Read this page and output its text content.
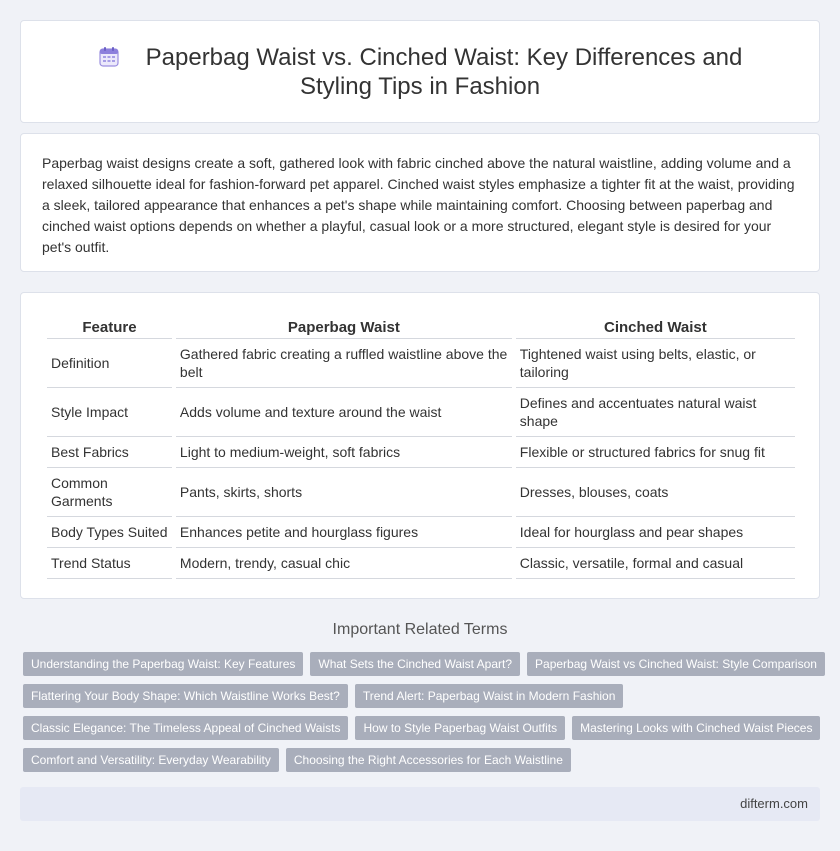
Paperbag Waist vs. Cinched Waist: Key Differences and Styling Tips in Fashion

Paperbag waist designs create a soft, gathered look with fabric cinched above the natural waistline, adding volume and a relaxed silhouette ideal for fashion-forward pet apparel. Cinched waist styles emphasize a tighter fit at the waist, providing a sleek, tailored appearance that enhances a pet's shape while maintaining comfort. Choosing between paperbag and cinched waist options depends on whether a playful, casual look or a more structured, elegant style is desired for your pet's outfit.

Feature	Paperbag Waist	Cinched Waist
Definition	Gathered fabric creating a ruffled waistline above the belt	Tightened waist using belts, elastic, or tailoring
Style Impact	Adds volume and texture around the waist	Defines and accentuates natural waist shape
Best Fabrics	Light to medium-weight, soft fabrics	Flexible or structured fabrics for snug fit
Common Garments	Pants, skirts, shorts	Dresses, blouses, coats
Body Types Suited	Enhances petite and hourglass figures	Ideal for hourglass and pear shapes
Trend Status	Modern, trendy, casual chic	Classic, versatile, formal and casual
Important Related Terms
Understanding the Paperbag Waist: Key Features	What Sets the Cinched Waist Apart?	Paperbag Waist vs Cinched Waist: Style Comparison
Flattering Your Body Shape: Which Waistline Works Best?	Trend Alert: Paperbag Waist in Modern Fashion
Classic Elegance: The Timeless Appeal of Cinched Waists	How to Style Paperbag Waist Outfits	Mastering Looks with Cinched Waist Pieces
Comfort and Versatility: Everyday Wearability	Choosing the Right Accessories for Each Waistline
difterm.com
